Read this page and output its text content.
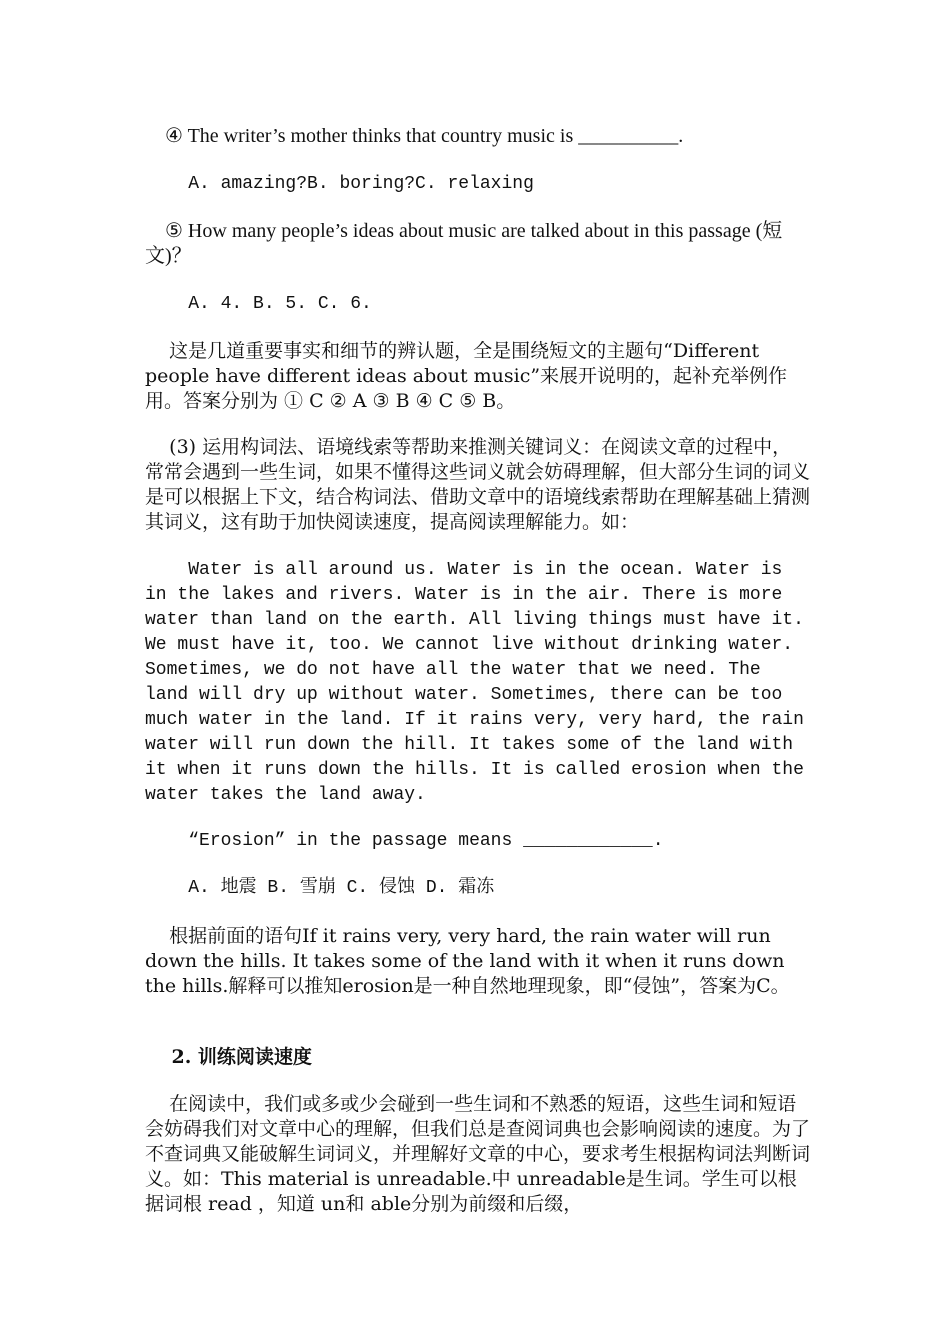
④ The writer’s mother thinks that country music is __________.

A. amazing?B. boring?C. relaxing

⑤ How many people’s ideas about music are talked about in this passage (短文)？

A. 4. B. 5. C. 6.

这是几道重要事实和细节的辨认题，全是围绕短文的主题句“Different people have different ideas about music”来展开说明的，起补充举例作用。答案分别为 ① C ② A ③ B ④ C ⑤ B。

(3) 运用构词法、语境线索等帮助来推测关键词义：在阅读文章的过程中，常常会遇到一些生词，如果不懂得这些词义就会妨碍理解，但大部分生词的词义是可以根据上下文，结合构词法、借助文章中的语境线索帮助在理解基础上猜测其词义，这有助于加快阅读速度，提高阅读理解能力。如：

Water is all around us. Water is in the ocean. Water is in the lakes and rivers. Water is in the air. There is more water than land on the earth. All living things must have it. We must have it, too. We cannot live without drinking water. Sometimes, we do not have all the water that we need. The land will dry up without water. Sometimes, there can be too much water in the land. If it rains very, very hard, the rain water will run down the hill. It takes some of the land with it when it runs down the hills. It is called erosion when the water takes the land away.

“Erosion” in the passage means ____________.

A. 地震 B. 雪崩 C. 侵蚀 D. 霜冻

根据前面的语句If it rains very, very hard, the rain water will run down the hills. It takes some of the land with it when it runs down the hills.解释可以推知erosion是一种自然地理现象，即“侵蚀”，答案为C。

2. 训练阅读速度

在阅读中，我们或多或少会碰到一些生词和不熟悉的短语，这些生词和短语会妨碍我们对文章中心的理解，但我们总是查阅词典也会影响阅读的速度。为了不查词典又能破解生词词义，并理解好文章的中心，要求考生根据构词法判断词义。如：This material is unreadable.中 unreadable是生词。学生可以根据词根 read ，知道 un和 able分别为前缀和后缀，
